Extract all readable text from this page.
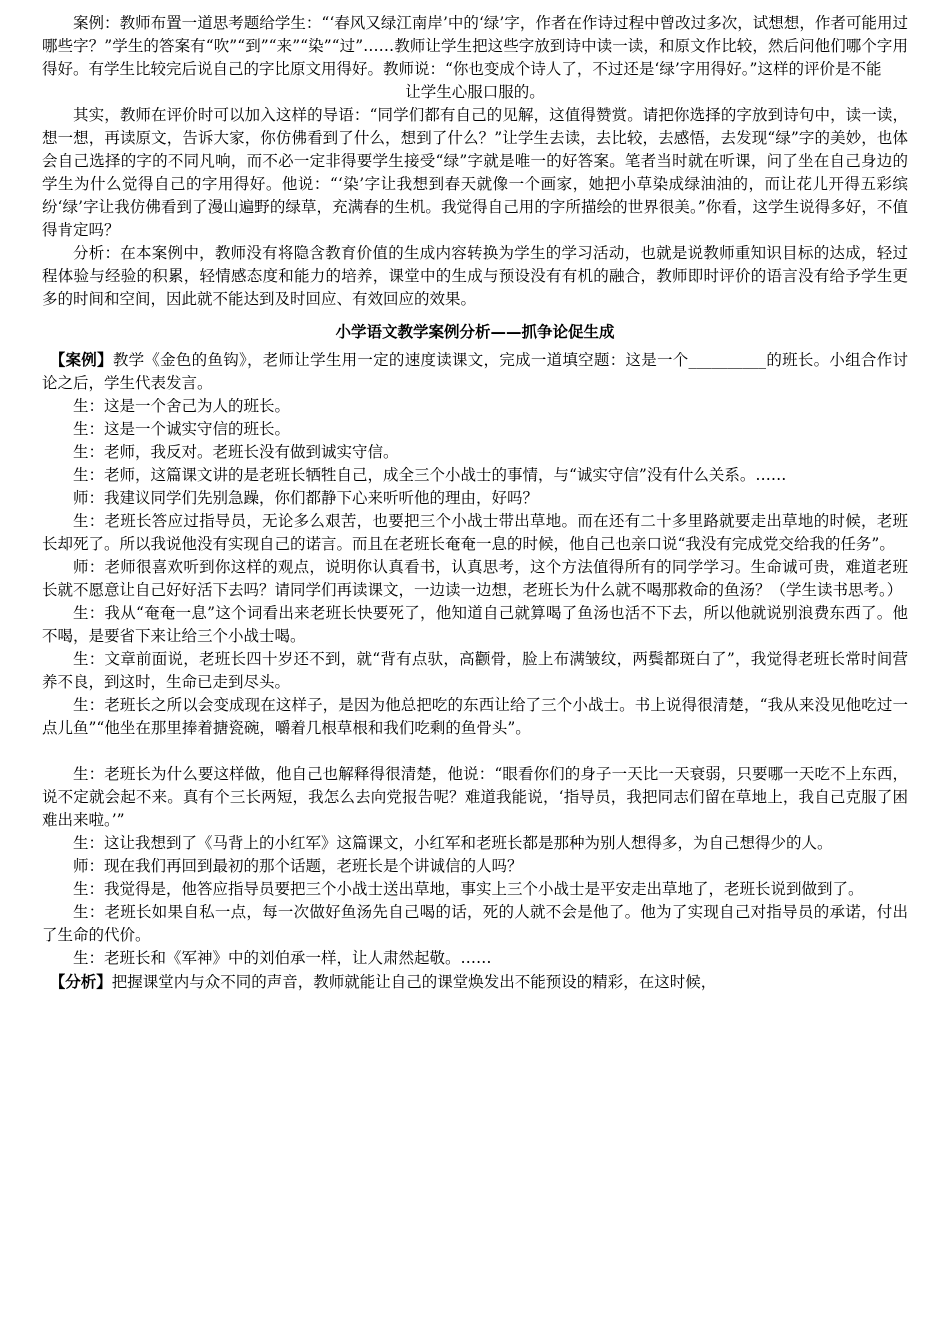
案例：教师布置一道思考题给学生：“‘春风又绿江南岸’中的‘绿’字，作者在作诗过程中曾改过多次，试想想，作者可能用过哪些字？”学生的答案有“吹”“到”“来”“染”“过”……教师让学生把这些字放到诗中读一读，和原文作比较，然后问他们哪个字用得好。有学生比较完后说自己的字比原文用得好。教师说：“你也变成个诗人了，不过还是‘绿’字用得好。”这样的评价是不能

让学生心服口服的。

其实，教师在评价时可以加入这样的导语：“同学们都有自己的见解，这值得赞赏。请把你选择的字放到诗句中，读一读，想一想，再读原文，告诉大家，你仿佛看到了什么，想到了什么？”让学生去读，去比较，去感悟，去发现“绿”字的美妙，也体会自己选择的字的不同凡响，而不必一定非得要学生接受“绿”字就是唯一的好答案。笔者当时就在听课，问了坐在自己身边的学生为什么觉得自己的字用得好。他说：“‘染’字让我想到春天就像一个画家，她把小草染成绿油油的，而让花儿开得五彩缤纷‘绿’字让我仿佛看到了漫山遍野的绿草，充满春的生机。我觉得自己用的字所描绘的世界很美。”你看，这学生说得多好，不值得肯定吗？

分析：在本案例中，教师没有将隐含教育价值的生成内容转换为学生的学习活动，也就是说教师重知识目标的达成，轻过程体验与经验的积累，轻情感态度和能力的培养，课堂中的生成与预设没有有机的融合，教师即时评价的语言没有给予学生更多的时间和空间，因此就不能达到及时回应、有效回应的效果。

小学语文教学案例分析——抓争论促生成

【案例】教学《金色的鱼钩》，老师让学生用一定的速度读课文，完成一道填空题：这是一个__________的班长。小组合作讨论之后，学生代表发言。

生：这是一个舍己为人的班长。

生：这是一个诚实守信的班长。

生：老师，我反对。老班长没有做到诚实守信。

生：老师，这篇课文讲的是老班长牺牲自己，成全三个小战士的事情，与“诚实守信”没有什么关系。……

师：我建议同学们先别急躁，你们都静下心来听听他的理由，好吗？

生：老班长答应过指导员，无论多么艰苦，也要把三个小战士带出草地。而在还有二十多里路就要走出草地的时候，老班长却死了。所以我说他没有实现自己的诺言。而且在老班长奄奄一息的时候，他自己也亲口说“我没有完成党交给我的任务”。

师：老师很喜欢听到你这样的观点，说明你认真看书，认真思考，这个方法值得所有的同学学习。生命诚可贵，难道老班长就不愿意让自己好好活下去吗？请同学们再读课文，一边读一边想，老班长为什么就不喝那救命的鱼汤？（学生读书思考。）

生：我从“奄奄一息”这个词看出来老班长快要死了，他知道自己就算喝了鱼汤也活不下去，所以他就说别浪费东西了。他不喝，是要省下来让给三个小战士喝。

生：文章前面说，老班长四十岁还不到，就“背有点驮，高颧骨，脸上布满皱纹，两鬓都斑白了”，我觉得老班长常时间营养不良，到这时，生命已走到尽头。

生：老班长之所以会变成现在这样子，是因为他总把吃的东西让给了三个小战士。书上说得很清楚，“我从来没见他吃过一点儿鱼”“他坐在那里捧着搪瓷碗，嚼着几根草根和我们吃剩的鱼骨头”。

生：老班长为什么要这样做，他自己也解释得很清楚，他说：“眼看你们的身子一天比一天衰弱，只要哪一天吃不上东西，说不定就会起不来。真有个三长两短，我怎么去向党报告呢？难道我能说，‘指导员，我把同志们留在草地上，我自己克服了困难出来啦。’”

生：这让我想到了《马背上的小红军》这篇课文，小红军和老班长都是那种为别人想得多，为自己想得少的人。

师：现在我们再回到最初的那个话题，老班长是个讲诚信的人吗？

生：我觉得是，他答应指导员要把三个小战士送出草地，事实上三个小战士是平安走出草地了，老班长说到做到了。

生：老班长如果自私一点，每一次做好鱼汤先自己喝的话，死的人就不会是他了。他为了实现自己对指导员的承诺，付出了生命的代价。

生：老班长和《军神》中的刘伯承一样，让人肃然起敬。……

【分析】把握课堂内与众不同的声音，教师就能让自己的课堂焕发出不能预设的精彩，在这时候，
